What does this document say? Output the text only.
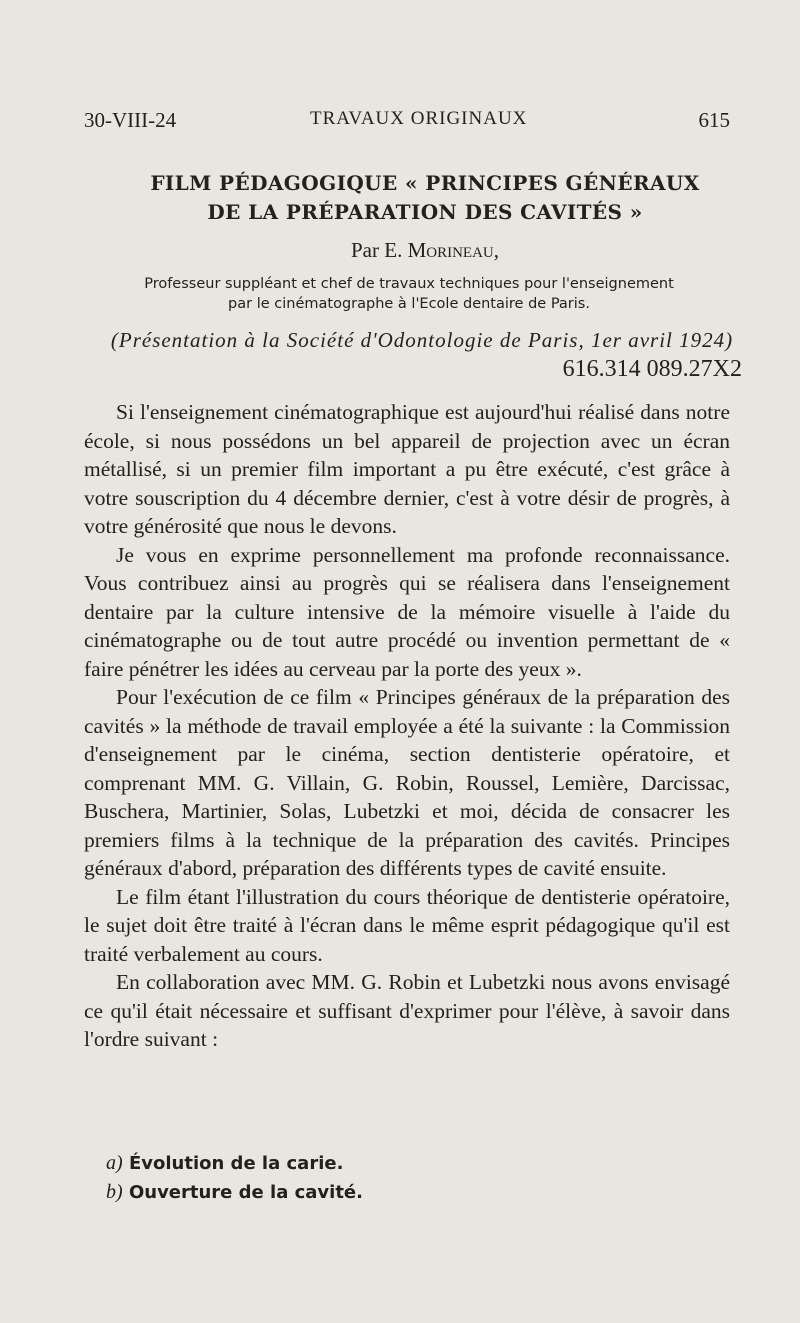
30-VIII-24	TRAVAUX ORIGINAUX	615
FILM PÉDAGOGIQUE « PRINCIPES GÉNÉRAUX
DE LA PRÉPARATION DES CAVITÉS »
Par E. Morineau,
Professeur suppléant et chef de travaux techniques pour l'enseignement
par le cinématographe à l'Ecole dentaire de Paris.
(Présentation à la Société d'Odontologie de Paris, 1er avril 1924)
616.314 089.27X2

Si l'enseignement cinématographique est aujourd'hui réalisé dans notre école, si nous possédons un bel appareil de projection avec un écran métallisé, si un premier film important a pu être exécuté, c'est grâce à votre souscription du 4 décembre dernier, c'est à votre désir de progrès, à votre générosité que nous le devons.

Je vous en exprime personnellement ma profonde reconnaissance. Vous contribuez ainsi au progrès qui se réalisera dans l'enseignement dentaire par la culture intensive de la mémoire visuelle à l'aide du cinématographe ou de tout autre procédé ou invention permettant de « faire pénétrer les idées au cerveau par la porte des yeux ».

Pour l'exécution de ce film « Principes généraux de la préparation des cavités » la méthode de travail employée a été la suivante : la Commission d'enseignement par le cinéma, section dentisterie opératoire, et comprenant MM. G. Villain, G. Robin, Roussel, Lemière, Darcissac, Buschera, Martinier, Solas, Lubetzki et moi, décida de consacrer les premiers films à la technique de la préparation des cavités. Principes généraux d'abord, préparation des différents types de cavité ensuite.

Le film étant l'illustration du cours théorique de dentisterie opératoire, le sujet doit être traité à l'écran dans le même esprit pédagogique qu'il est traité verbalement au cours.

En collaboration avec MM. G. Robin et Lubetzki nous avons envisagé ce qu'il était nécessaire et suffisant d'exprimer pour l'élève, à savoir dans l'ordre suivant :

a) Évolution de la carie.
b) Ouverture de la cavité.
